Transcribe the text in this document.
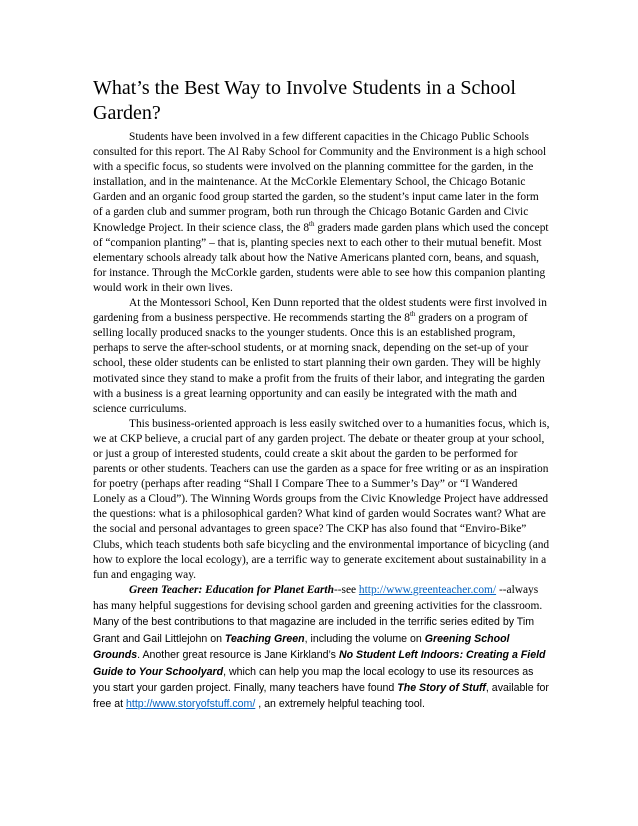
What’s the Best Way to Involve Students in a School Garden?

Students have been involved in a few different capacities in the Chicago Public Schools consulted for this report. The Al Raby School for Community and the Environment is a high school with a specific focus, so students were involved on the planning committee for the garden, in the installation, and in the maintenance. At the McCorkle Elementary School, the Chicago Botanic Garden and an organic food group started the garden, so the student’s input came later in the form of a garden club and summer program, both run through the Chicago Botanic Garden and Civic Knowledge Project. In their science class, the 8th graders made garden plans which used the concept of “companion planting” – that is, planting species next to each other to their mutual benefit. Most elementary schools already talk about how the Native Americans planted corn, beans, and squash, for instance. Through the McCorkle garden, students were able to see how this companion planting would work in their own lives.

At the Montessori School, Ken Dunn reported that the oldest students were first involved in gardening from a business perspective. He recommends starting the 8th graders on a program of selling locally produced snacks to the younger students. Once this is an established program, perhaps to serve the after-school students, or at morning snack, depending on the set-up of your school, these older students can be enlisted to start planning their own garden. They will be highly motivated since they stand to make a profit from the fruits of their labor, and integrating the garden with a business is a great learning opportunity and can easily be integrated with the math and science curriculums.

This business-oriented approach is less easily switched over to a humanities focus, which is, we at CKP believe, a crucial part of any garden project. The debate or theater group at your school, or just a group of interested students, could create a skit about the garden to be performed for parents or other students. Teachers can use the garden as a space for free writing or as an inspiration for poetry (perhaps after reading “Shall I Compare Thee to a Summer’s Day” or “I Wandered Lonely as a Cloud”). The Winning Words groups from the Civic Knowledge Project have addressed the questions: what is a philosophical garden? What kind of garden would Socrates want? What are the social and personal advantages to green space? The CKP has also found that “Enviro-Bike” Clubs, which teach students both safe bicycling and the environmental importance of bicycling (and how to explore the local ecology), are a terrific way to generate excitement about sustainability in a fun and engaging way.

Green Teacher: Education for Planet Earth--see http://www.greenteacher.com/ --always has many helpful suggestions for devising school garden and greening activities for the classroom. Many of the best contributions to that magazine are included in the terrific series edited by Tim Grant and Gail Littlejohn on Teaching Green, including the volume on Greening School Grounds. Another great resource is Jane Kirkland’s No Student Left Indoors: Creating a Field Guide to Your Schoolyard, which can help you map the local ecology to use its resources as you start your garden project. Finally, many teachers have found The Story of Stuff, available for free at http://www.storyofstuff.com/ , an extremely helpful teaching tool.
